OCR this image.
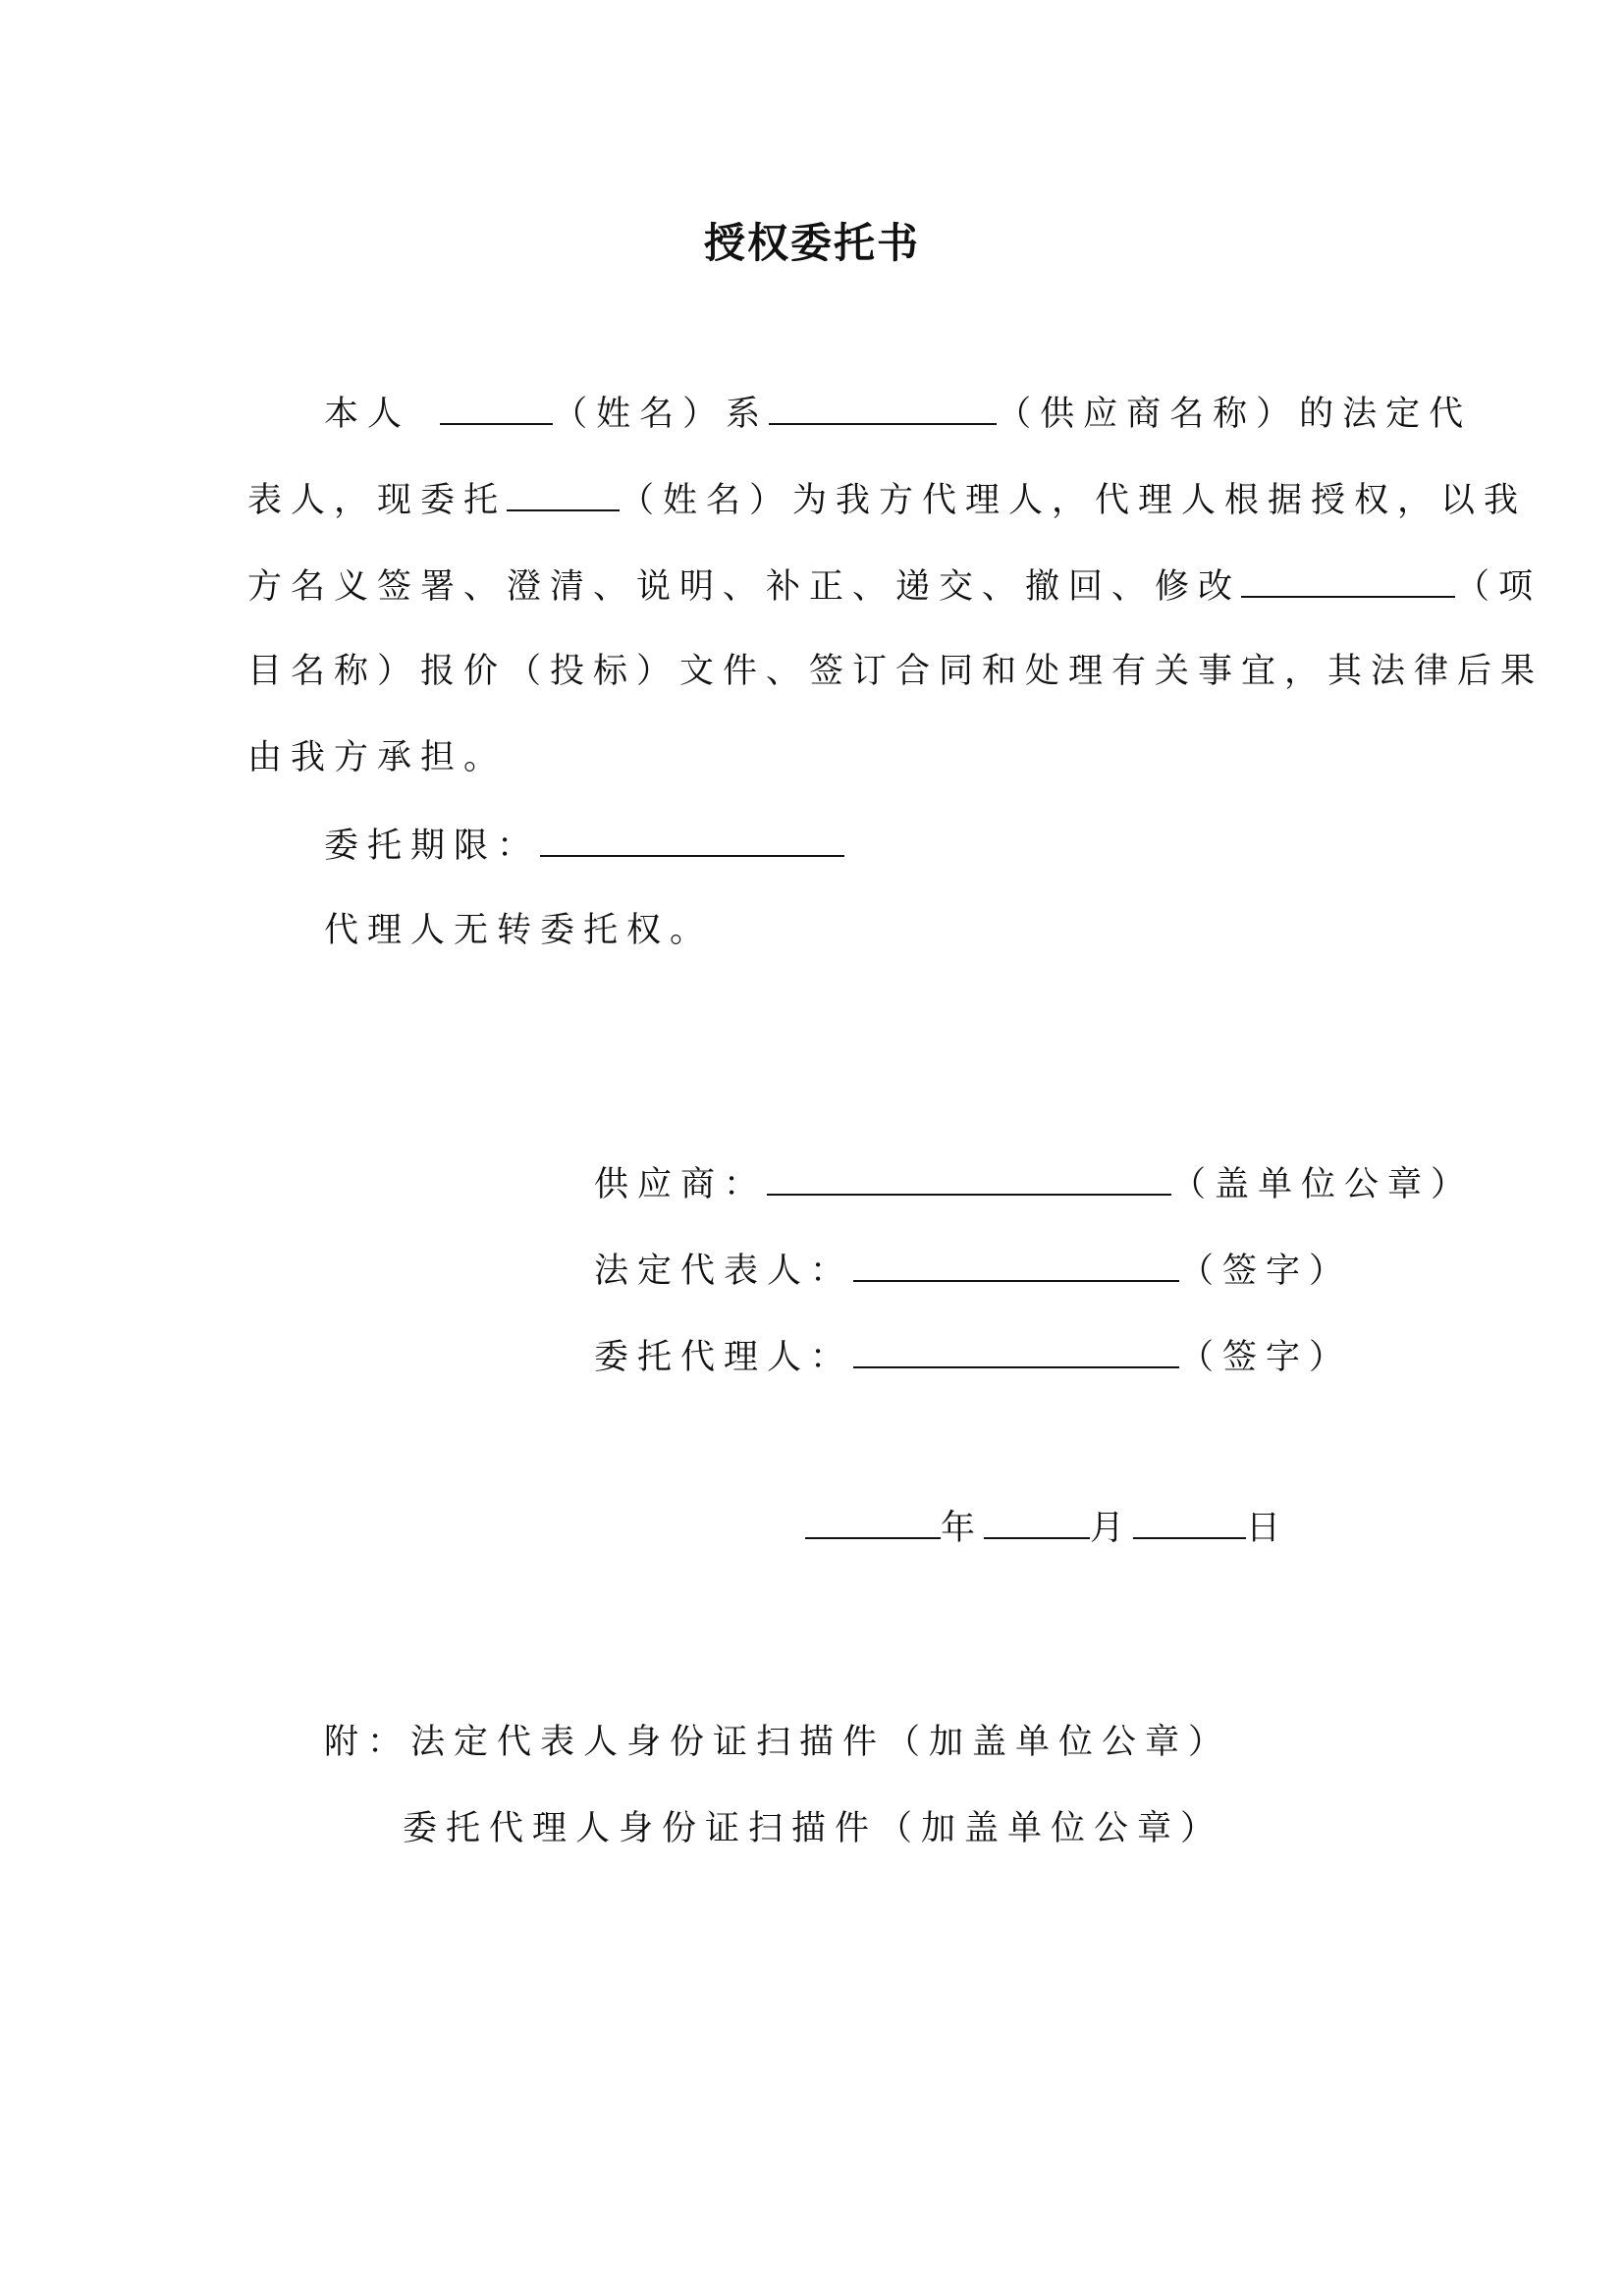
授权委托书
本人	（姓名）系	（供应商名称）的法定代
表人，现委托	（姓名）为我方代理人，代理人根据授权，以我
方名义签署、澄清、说明、补正、递交、撤回、修改	（项
目名称）报价（投标）文件、签订合同和处理有关事宜，其法律后果
由我方承担。
委托期限：
代理人无转委托权。
供应商：	（盖单位公章）
法定代表人：	（签字）
委托代理人：	（签字）
年	月	日
附：法定代表人身份证扫描件（加盖单位公章）
委托代理人身份证扫描件（加盖单位公章）
